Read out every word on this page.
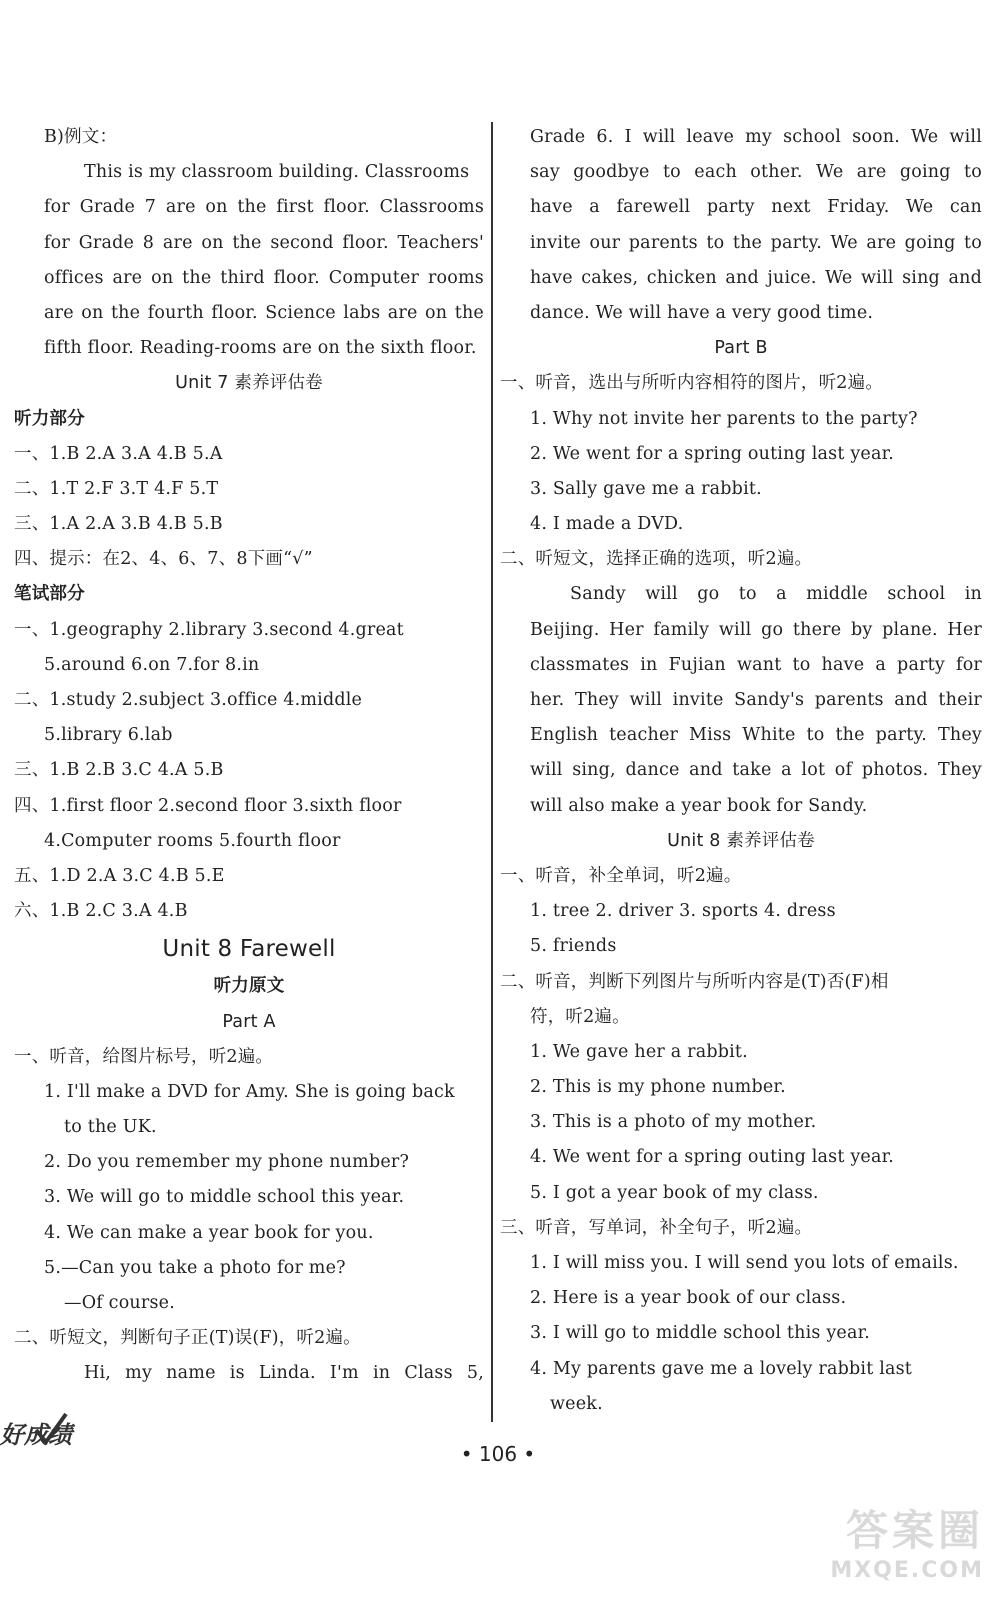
B)例文：
This is my classroom building. Classrooms
for Grade 7 are on the first floor. Classrooms
for Grade 8 are on the second floor. Teachers'
offices are on the third floor. Computer rooms
are on the fourth floor. Science labs are on the
fifth floor. Reading-rooms are on the sixth floor.
Unit 7 素养评估卷
听力部分
一、1.B 2.A 3.A 4.B 5.A
二、1.T 2.F 3.T 4.F 5.T
三、1.A 2.A 3.B 4.B 5.B
四、提示：在2、4、6、7、8下画“√”
笔试部分
一、1.geography 2.library 3.second 4.great
5.around 6.on 7.for 8.in
二、1.study 2.subject 3.office 4.middle
5.library 6.lab
三、1.B 2.B 3.C 4.A 5.B
四、1.first floor 2.second floor 3.sixth floor
4.Computer rooms 5.fourth floor
五、1.D 2.A 3.C 4.B 5.E
六、1.B 2.C 3.A 4.B
Unit 8 Farewell
听力原文
Part A
一、听音，给图片标号，听2遍。
1. I'll make a DVD for Amy. She is going back
to the UK.
2. Do you remember my phone number?
3. We will go to middle school this year.
4. We can make a year book for you.
5.—Can you take a photo for me?
—Of course.
二、听短文，判断句子正(T)误(F)，听2遍。
Hi, my name is Linda. I'm in Class 5,
Grade 6. I will leave my school soon. We will
say goodbye to each other. We are going to
have a farewell party next Friday. We can
invite our parents to the party. We are going to
have cakes, chicken and juice. We will sing and
dance. We will have a very good time.
Part B
一、听音，选出与所听内容相符的图片，听2遍。
1. Why not invite her parents to the party?
2. We went for a spring outing last year.
3. Sally gave me a rabbit.
4. I made a DVD.
二、听短文，选择正确的选项，听2遍。
Sandy will go to a middle school in
Beijing. Her family will go there by plane. Her
classmates in Fujian want to have a party for
her. They will invite Sandy's parents and their
English teacher Miss White to the party. They
will sing, dance and take a lot of photos. They
will also make a year book for Sandy.
Unit 8 素养评估卷
一、听音，补全单词，听2遍。
1. tree 2. driver 3. sports 4. dress
5. friends
二、听音，判断下列图片与所听内容是(T)否(F)相
符，听2遍。
1. We gave her a rabbit.
2. This is my phone number.
3. This is a photo of my mother.
4. We went for a spring outing last year.
5. I got a year book of my class.
三、听音，写单词，补全句子，听2遍。
1. I will miss you. I will send you lots of emails.
2. Here is a year book of our class.
3. I will go to middle school this year.
4. My parents gave me a lovely rabbit last
week.
好成绩
• 106 •
答案圈
MXQE.COM
